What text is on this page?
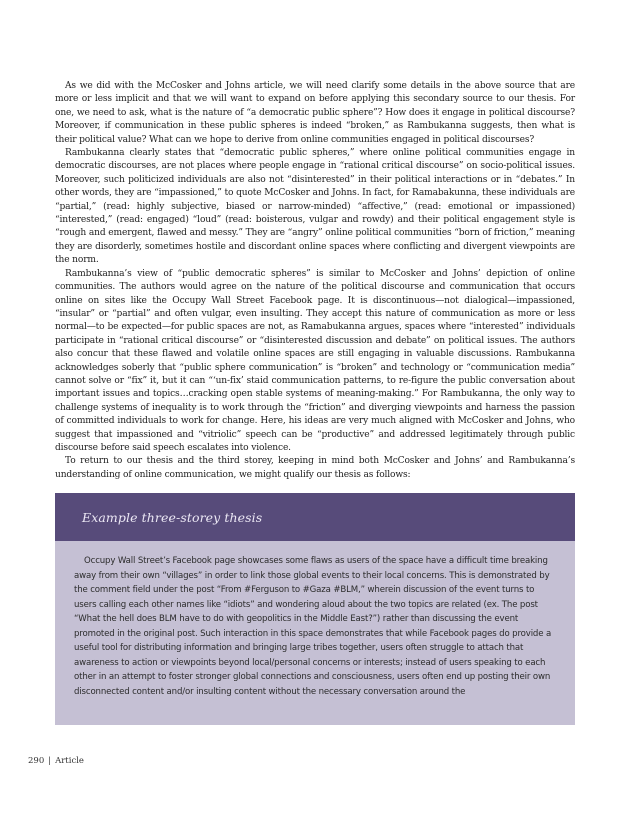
As we did with the McCosker and Johns article, we will need clarify some details in the above source that are more or less implicit and that we will want to expand on before applying this secondary source to our thesis. For one, we need to ask, what is the nature of “a democratic public sphere”? How does it engage in political discourse? Moreover, if communication in these public spheres is indeed “broken,” as Rambukanna suggests, then what is their political value? What can we hope to derive from online communities engaged in political discourses?

Rambukanna clearly states that “democratic public spheres,” where online political communities engage in democratic discourses, are not places where people engage in “rational critical discourse” on socio-political issues. Moreover, such politicized individuals are also not “disinterested” in their political interactions or in “debates.” In other words, they are “impassioned,” to quote McCosker and Johns. In fact, for Ramabakunna, these individuals are “partial,” (read: highly subjective, biased or narrow-minded) “affective,” (read: emotional or impassioned) “interested,” (read: engaged) “loud” (read: boisterous, vulgar and rowdy) and their political engagement style is “rough and emergent, flawed and messy.” They are “angry” online political communities “born of friction,” meaning they are disorderly, sometimes hostile and discordant online spaces where conflicting and divergent viewpoints are the norm.

Rambukanna’s view of “public democratic spheres” is similar to McCosker and Johns’ depiction of online communities. The authors would agree on the nature of the political discourse and communication that occurs online on sites like the Occupy Wall Street Facebook page. It is discontinuous—not dialogical—impassioned, “insular” or “partial” and often vulgar, even insulting. They accept this nature of communication as more or less normal—to be expected—for public spaces are not, as Ramabukanna argues, spaces where “interested” individuals participate in “rational critical discourse” or “disinterested discussion and debate” on political issues. The authors also concur that these flawed and volatile online spaces are still engaging in valuable discussions. Rambukanna acknowledges soberly that “public sphere communication” is “broken” and technology or “communication media” cannot solve or “fix” it, but it can “‘un-fix’ staid communication patterns, to re-figure the public conversation about important issues and topics…cracking open stable systems of meaning-making.” For Rambukanna, the only way to challenge systems of inequality is to work through the “friction” and diverging viewpoints and harness the passion of committed individuals to work for change. Here, his ideas are very much aligned with McCosker and Johns, who suggest that impassioned and “vitriolic” speech can be “productive” and addressed legitimately through public discourse before said speech escalates into violence.

To return to our thesis and the third storey, keeping in mind both McCosker and Johns’ and Rambukanna’s understanding of online communication, we might qualify our thesis as follows:

Example three-storey thesis

Occupy Wall Street’s Facebook page showcases some flaws as users of the space have a difficult time breaking away from their own “villages” in order to link those global events to their local concerns. This is demonstrated by the comment field under the post “From #Ferguson to #Gaza #BLM,” wherein discussion of the event turns to users calling each other names like “idiots” and wondering aloud about the two topics are related (ex. The post “What the hell does BLM have to do with geopolitics in the Middle East?”) rather than discussing the event promoted in the original post. Such interaction in this space demonstrates that while Facebook pages do provide a useful tool for distributing information and bringing large tribes together, users often struggle to attach that awareness to action or viewpoints beyond local/personal concerns or interests; instead of users speaking to each other in an attempt to foster stronger global connections and consciousness, users often end up posting their own disconnected content and/or insulting content without the necessary conversation around the

290 | Article
